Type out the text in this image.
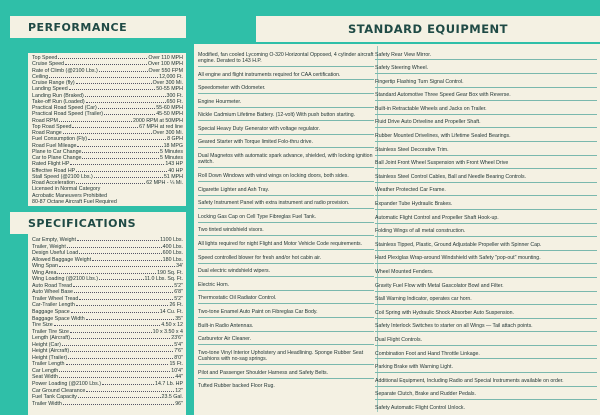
PERFORMANCE
Top Speed	Over 110 MPH
Cruise Speed	Over 100 MPH
Rate of Climb (@2100 Lbs.)	Over 550 FPM
Ceiling	12,000 Ft.
Cruise Range (fly)	Over 300 Mi.
Landing Speed	50-55 MPH
Landing Run (Braked)	300 Ft.
Take-off Run (Loaded)	650 Ft.
Practical Road Speed (Car)	55-60 MPH
Practical Road Speed (Trailer)	45-50 MPH
Road RPM	2000 RPM at 50MPH
Top Road Speed	67 MPH at red line
Road Range	Over 300 Mi.
Fuel Consumption (Fly)	8 GPH
Road Fuel Mileage	18 MPG
Plane to Car Change	5 Minutes
Car to Plane Change	5 Minutes
Rated Flight HP	143 HP
Effective Road HP	40 HP
Stall Speed (@2100 Lbs.)	51 MPH
Road Acceleration	62 MPH - ¼ Mi.
Licensed in Normal Category
Acrobatic Maneuvers Prohibited
80-87 Octane Aircraft Fuel Required
SPECIFICATIONS
Car Empty, Weight	1100 Lbs.
Trailer, Weight	400 Lbs.
Design Useful Load	600 Lbs.
Allowed Baggage Weight	180 Lbs.
Wing Span	34'
Wing Area	190 Sq. Ft.
Wing Loading (@2100 Lbs.)	11.0 Lbs. Sq. Ft.
Auto Road Tread	5'2"
Auto Wheel Base	6'8"
Trailer Wheel Tread	5'2"
Car-Trailer Length	26 Ft.
Baggage Space	14 Cu. Ft.
Baggage Space Width	35"
Tire Size	4.50 x 12
Trailer Tire Size	10 x 3.50 x 4
Length (Aircraft)	23'6"
Height (Car)	5'4"
Height (Aircraft)	7'6"
Height (Trailer)	8'0"
Trailer Length	15 Ft.
Car Length	10'4"
Seat Width	44"
Power Loading (@2100 Lbs.)	14.7 Lb. HP
Car Ground Clearance	12"
Fuel Tank Capacity	23.5 Gal.
Trailer Width	96"
STANDARD EQUIPMENT
Modified, fan cooled Lycoming O-320 Horizontal Opposed, 4 cylinder aircraft engine. Derated to 143 H.P.
All engine and flight instruments required for CAA certification.
Speedometer with Odometer.
Engine Hourmeter.
Nickle Cadmium Lifetime Battery. (12-volt) With push button starting.
Special Heavy Duty Generator with voltage regulator.
Geared Starter with Torque limited Folo-thru drive.
Dual Magnetos with automatic spark advance, shielded, with locking ignition switch.
Roll Down Windows with wind wings on locking doors, both sides.
Cigarette Lighter and Ash Tray.
Safety Instrument Panel with extra instrument and radio provision.
Locking Gas Cap on Cell Type Fibreglas Fuel Tank.
Two tinted windshield visors.
All lights required for night Flight and Motor Vehicle Code requirements.
Speed controlled blower for fresh and/or hot cabin air.
Dual electric windshield wipers.
Electric Horn.
Thermostatic Oil Radiator Control.
Two-tone Enamel Auto Paint on Fibreglas Car Body.
Built-in Radio Antennas.
Carburetor Air Cleaner.
Two-tone Vinyl Interior Upholstery and Headlining. Sponge Rubber Seat Cushions with no-sag springs.
Pilot and Passenger Shoulder Harness and Safety Belts.
Tufted Rubber backed Floor Rug.
Safety Rear View Mirror.
Safety Steering Wheel.
Fingertip Flashing Turn Signal Control.
Standard Automotive Three Speed Gear Box with Reverse.
Built-in Retractable Wheels and Jacks on Trailer.
Fluid Drive Auto Driveline and Propeller Shaft.
Rubber Mounted Drivelines, with Lifetime Sealed Bearings.
Stainless Steel Decorative Trim.
Ball Joint Front Wheel Suspension with Front Wheel Drive
Stainless Steel Control Cables, Ball and Needle Bearing Controls.
Weather Protected Car Frame.
Expander Tube Hydraulic Brakes.
Automatic Flight Control and Propeller Shaft Hook-up.
Folding Wings of all metal construction.
Stainless Tipped, Plastic, Ground Adjustable Propeller with Spinner Cap.
Hard Plexiglas Wrap-around Windshield with Safety "pop-out" mounting.
Wheel Mounted Fenders.
Gravity Fuel Flow with Metal Gascolator Bowl and Filter.
Stall Warning Indicator, operates car horn.
Coil Spring with Hydraulic Shock Absorber Auto Suspension.
Safety Interlock Switches to starter on all Wings — Tail attach points.
Dual Flight Controls.
Combination Foot and Hand Throttle Linkage.
Parking Brake with Warning Light.
Additional Equipment, Including Radio and Special Instruments available on order.
Separate Clutch, Brake and Rudder Pedals.
Safety Automatic Flight Control Unlock.
